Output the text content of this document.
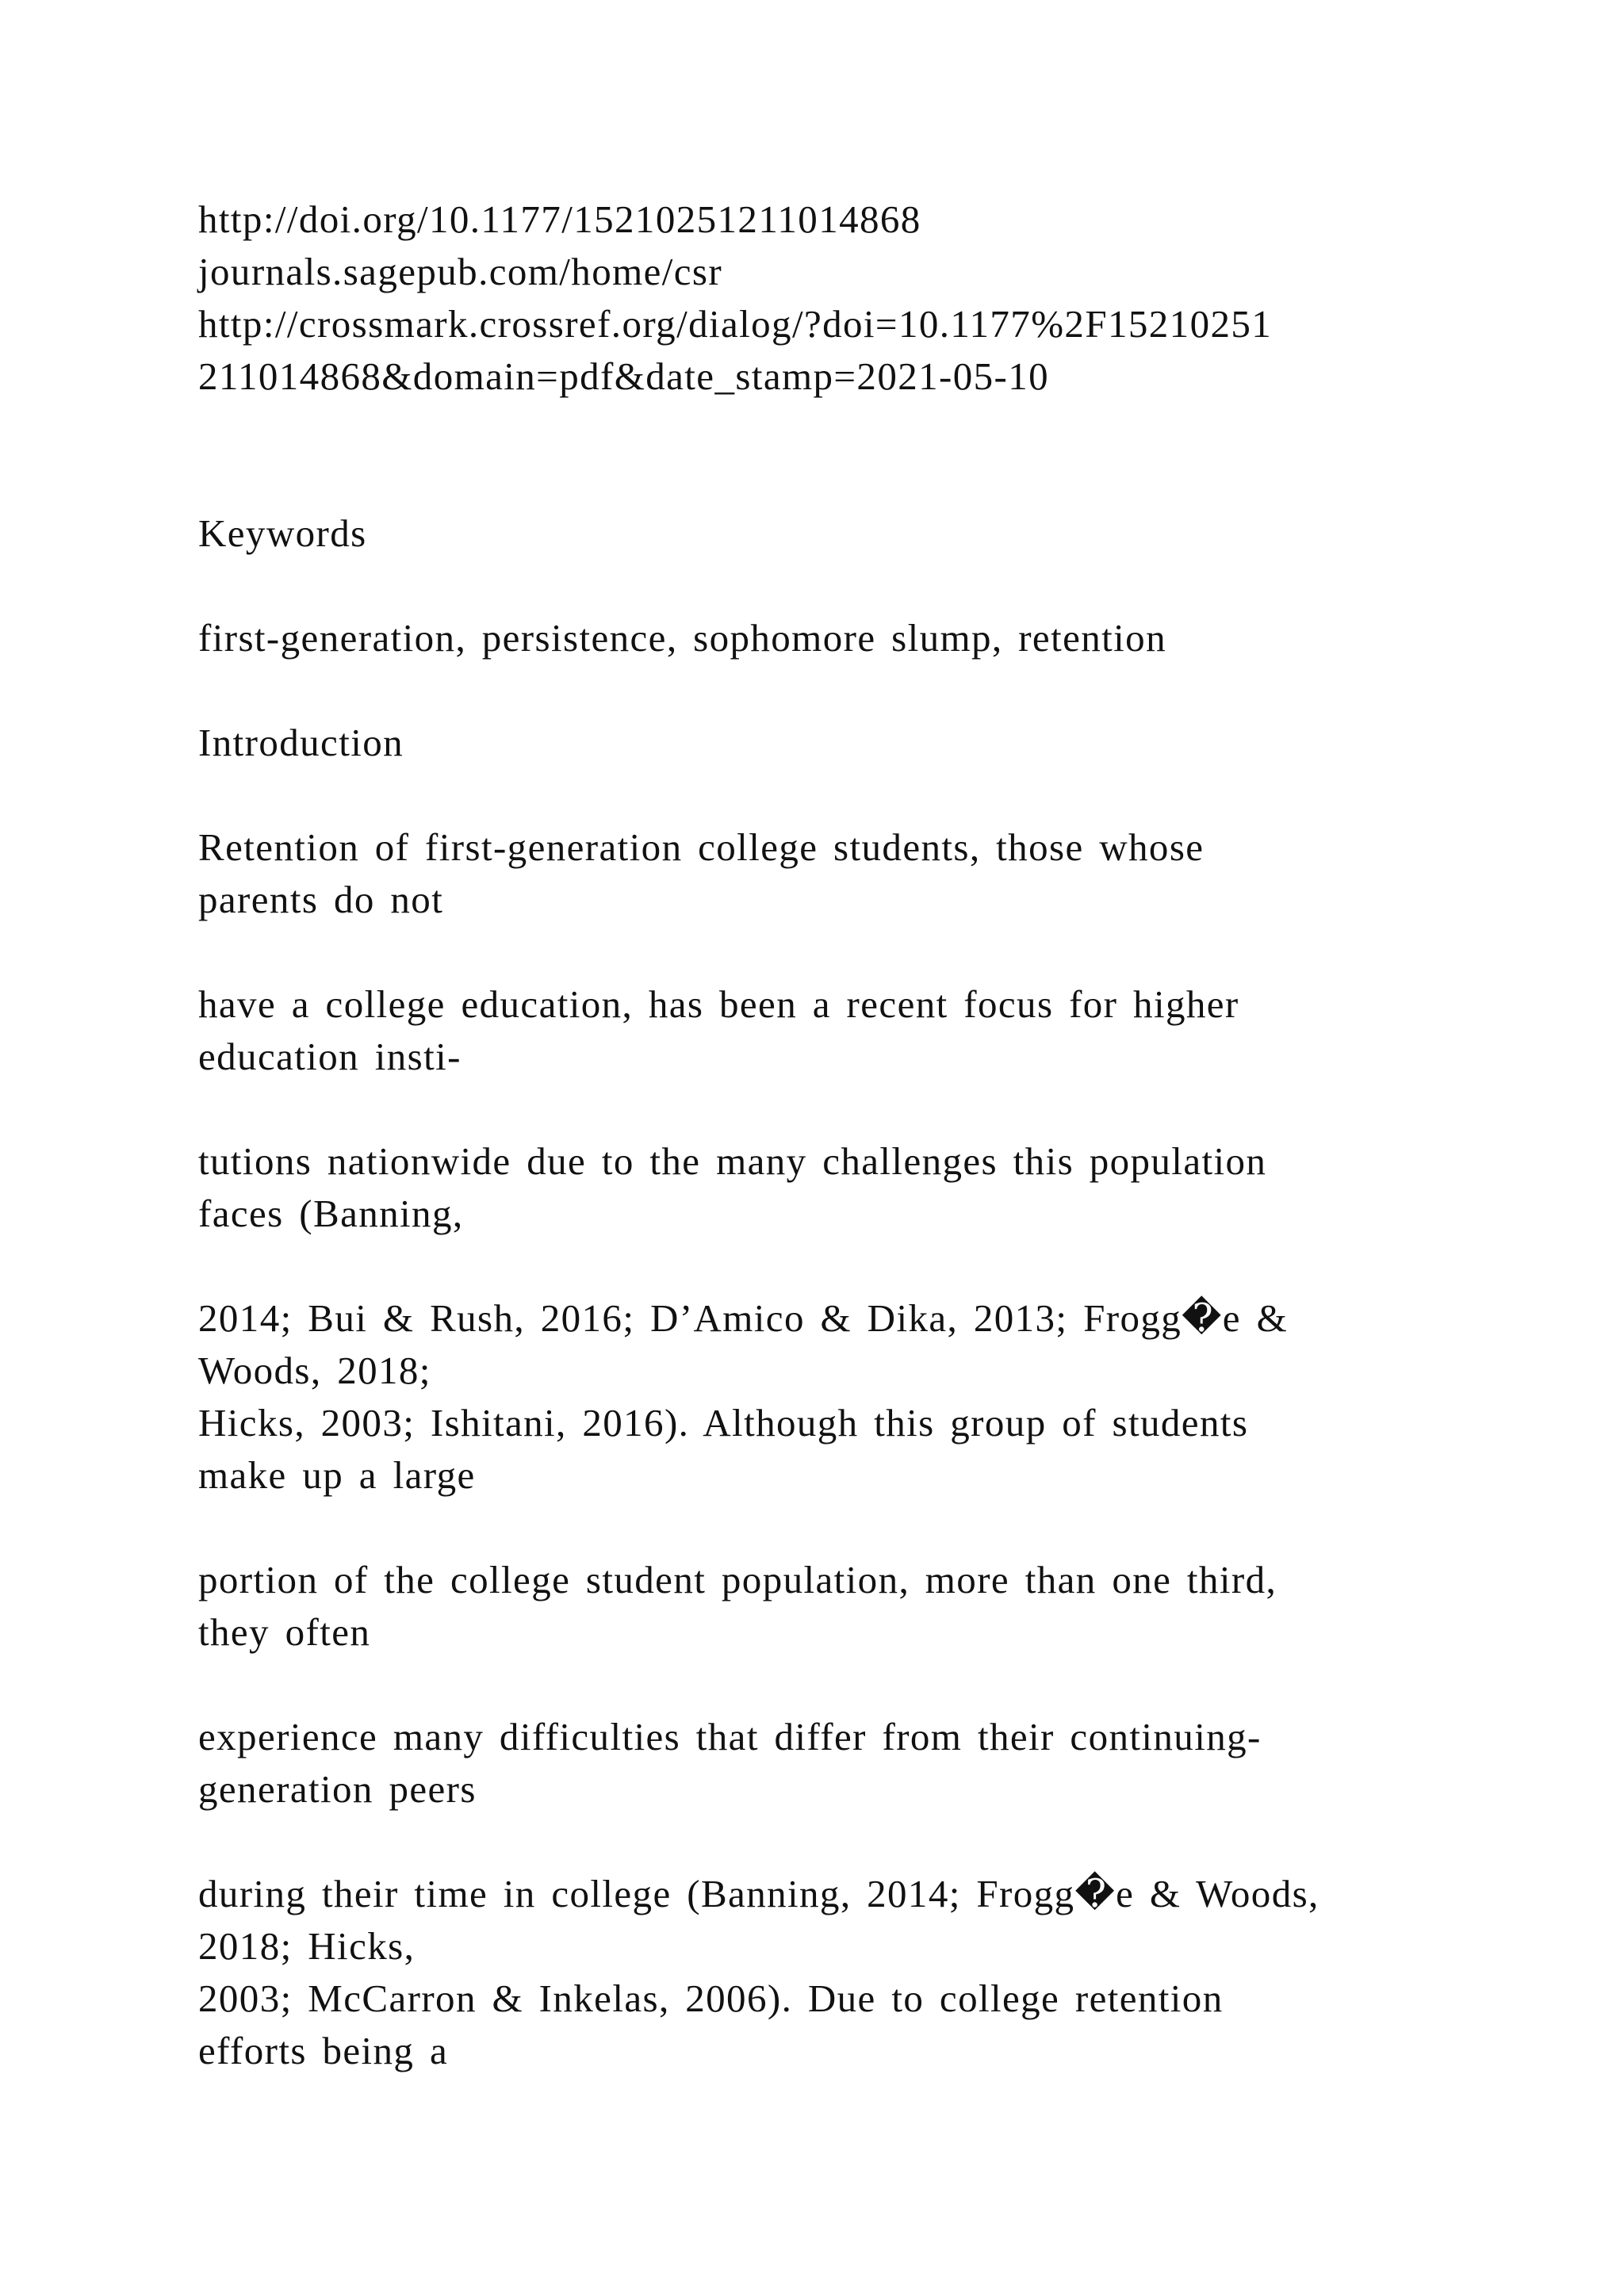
http://doi.org/10.1177/15210251211014868
journals.sagepub.com/home/csr
http://crossmark.crossref.org/dialog/?doi=10.1177%2F15210251
211014868&domain=pdf&date_stamp=2021-05-10
Keywords
first-generation, persistence, sophomore slump, retention
Introduction
Retention of first-generation college students, those whose
parents do not
have a college education, has been a recent focus for higher
education insti-
tutions nationwide due to the many challenges this population
faces (Banning,
2014; Bui & Rush, 2016; D’Amico & Dika, 2013; Frogg�e &
Woods, 2018;
Hicks, 2003; Ishitani, 2016). Although this group of students
make up a large
portion of the college student population, more than one third,
they often
experience many difficulties that differ from their continuing-
generation peers
during their time in college (Banning, 2014; Frogg�e & Woods,
2018; Hicks,
2003; McCarron & Inkelas, 2006). Due to college retention
efforts being a
